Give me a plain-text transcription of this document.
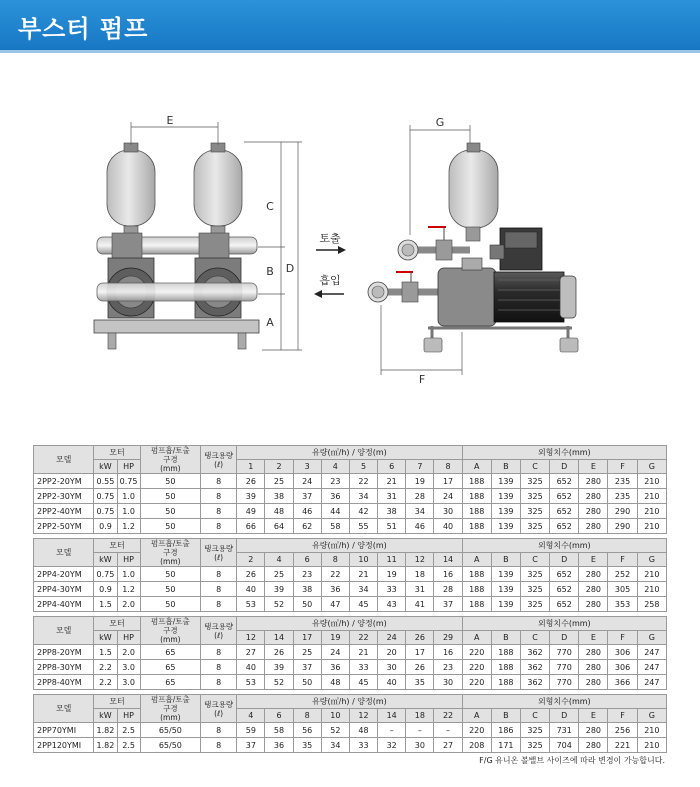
부스터 펌프
E
C
B
A
D
토출
흡입
G
F
모델	모터		펌프흡/토출
구경
(mm)	탱크용량
(ℓ)	유량(㎥/h) / 양정(m)								외형치수(mm)						
	kW	HP			1	2	3	4	5	6	7	8	A	B	C	D	E	F	G
2PP2-20YM	0.55	0.75	50	8	26	25	24	23	22	21	19	17	188	139	325	652	280	235	210
2PP2-30YM	0.75	1.0	50	8	39	38	37	36	34	31	28	24	188	139	325	652	280	235	210
2PP2-40YM	0.75	1.0	50	8	49	48	46	44	42	38	34	30	188	139	325	652	280	290	210
2PP2-50YM	0.9	1.2	50	8	66	64	62	58	55	51	46	40	188	139	325	652	280	290	210

모델	모터		펌프흡/토출
구경
(mm)	탱크용량
(ℓ)	유량(㎥/h) / 양정(m)								외형치수(mm)						
	kW	HP			2	4	6	8	10	11	12	14	A	B	C	D	E	F	G
2PP4-20YM	0.75	1.0	50	8	26	25	23	22	21	19	18	16	188	139	325	652	280	252	210
2PP4-30YM	0.9	1.2	50	8	40	39	38	36	34	33	31	28	188	139	325	652	280	305	210
2PP4-40YM	1.5	2.0	50	8	53	52	50	47	45	43	41	37	188	139	325	652	280	353	258

모델	모터		펌프흡/토출
구경
(mm)	탱크용량
(ℓ)	유량(㎥/h) / 양정(m)								외형치수(mm)						
	kW	HP			12	14	17	19	22	24	26	29	A	B	C	D	E	F	G
2PP8-20YM	1.5	2.0	65	8	27	26	25	24	21	20	17	16	220	188	362	770	280	306	247
2PP8-30YM	2.2	3.0	65	8	40	39	37	36	33	30	26	23	220	188	362	770	280	306	247
2PP8-40YM	2.2	3.0	65	8	53	52	50	48	45	40	35	30	220	188	362	770	280	366	247

모델	모터		펌프흡/토출
구경
(mm)	탱크용량
(ℓ)	유량(㎥/h) / 양정(m)								외형치수(mm)						
	kW	HP			4	6	8	10	12	14	18	22	A	B	C	D	E	F	G
2PP70YMI	1.82	2.5	65/50	8	59	58	56	52	48	–	–	–	220	186	325	731	280	256	210
2PP120YMI	1.82	2.5	65/50	8	37	36	35	34	33	32	30	27	208	171	325	704	280	221	210
F/G 유니온 볼밸브 사이즈에 따라 변경이 가능합니다.
